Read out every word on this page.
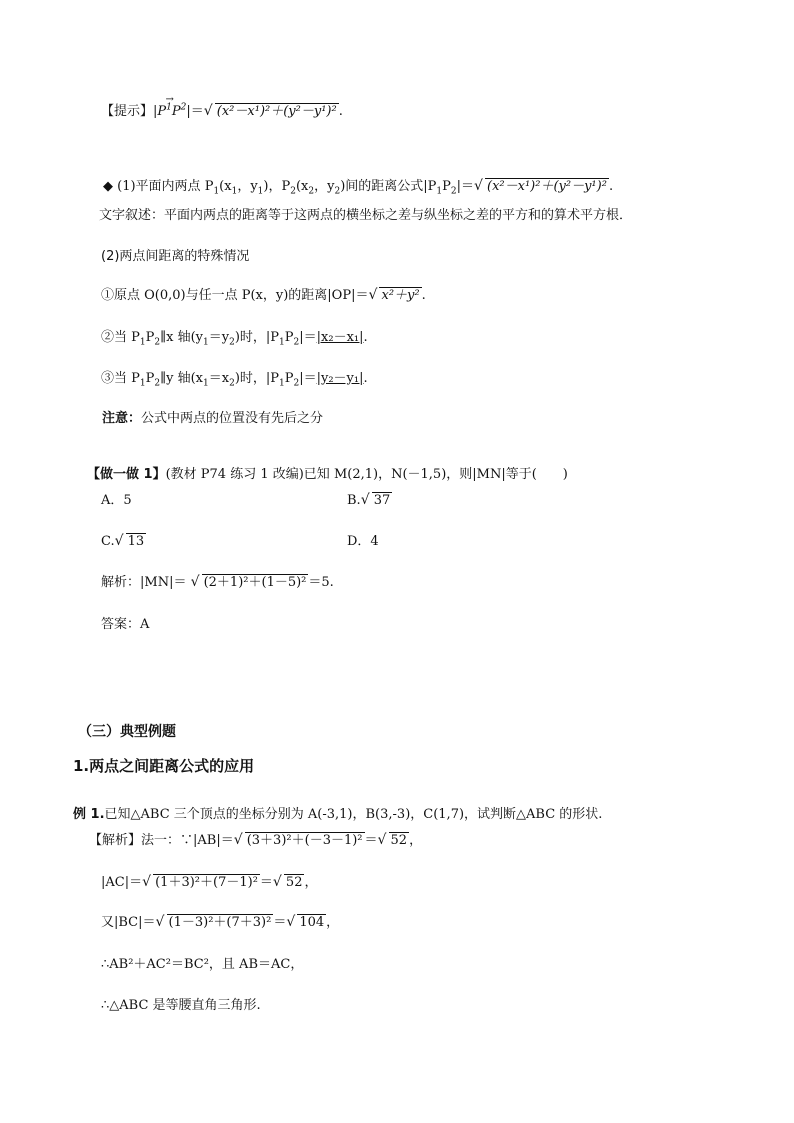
【提示】→ $|P^1P^2|=√$ (x²－x¹)²＋(y²－y¹)² .
◆ (1)平面内两点 $P_1(x_1$，$y_1$)，$P_2(x_2$，$y_2$)间的距离公式$|P_1P_2|=√$ (x²－x¹)²＋(y²－y¹)² .
文字叙述：平面内两点的距离等于这两点的横坐标之差与纵坐标之差的平方和的算术平方根．
(2)两点间距离的特殊情况
①原点 O(0,0)与任一点 P(x，y)的距离|OP|＝√ x²＋y² .
②当 $P_1P_2\parallel x$ 轴$(y_1=y_2)$时，$|P_1P_2|=|x_2-x_1|$.
③当 $P_1P_2\parallel y$ 轴$(x_1=x_2)$时，$|P_1P_2|=|y_2-y_1|$.
注意：公式中两点的位置没有先后之分
【做一做 1】(教材 P74 练习 1 改编)已知 M(2,1)，N(－1,5)，则|MN|等于(　　)
A．5	B.√ 37
C.√ 13	D．4
解析：|MN|＝ √ (2＋1)²＋(1－5)² ＝5.
答案：A
（三）典型例题
1.两点之间距离公式的应用
例 1.已知△ABC 三个顶点的坐标分别为 A(-3,1)，B(3,-3)，C(1,7)，试判断△ABC 的形状.
【解析】法一：∵|AB|＝√ (3＋3)²＋(－3－1)² ＝√ 52 ，
|AC|＝√ (1＋3)²＋(7－1)² ＝√ 52 ，
又|BC|＝√ (1－3)²＋(7＋3)² ＝√ 104 ，
∴AB²＋AC²＝BC²，且 AB＝AC，
∴△ABC 是等腰直角三角形.
